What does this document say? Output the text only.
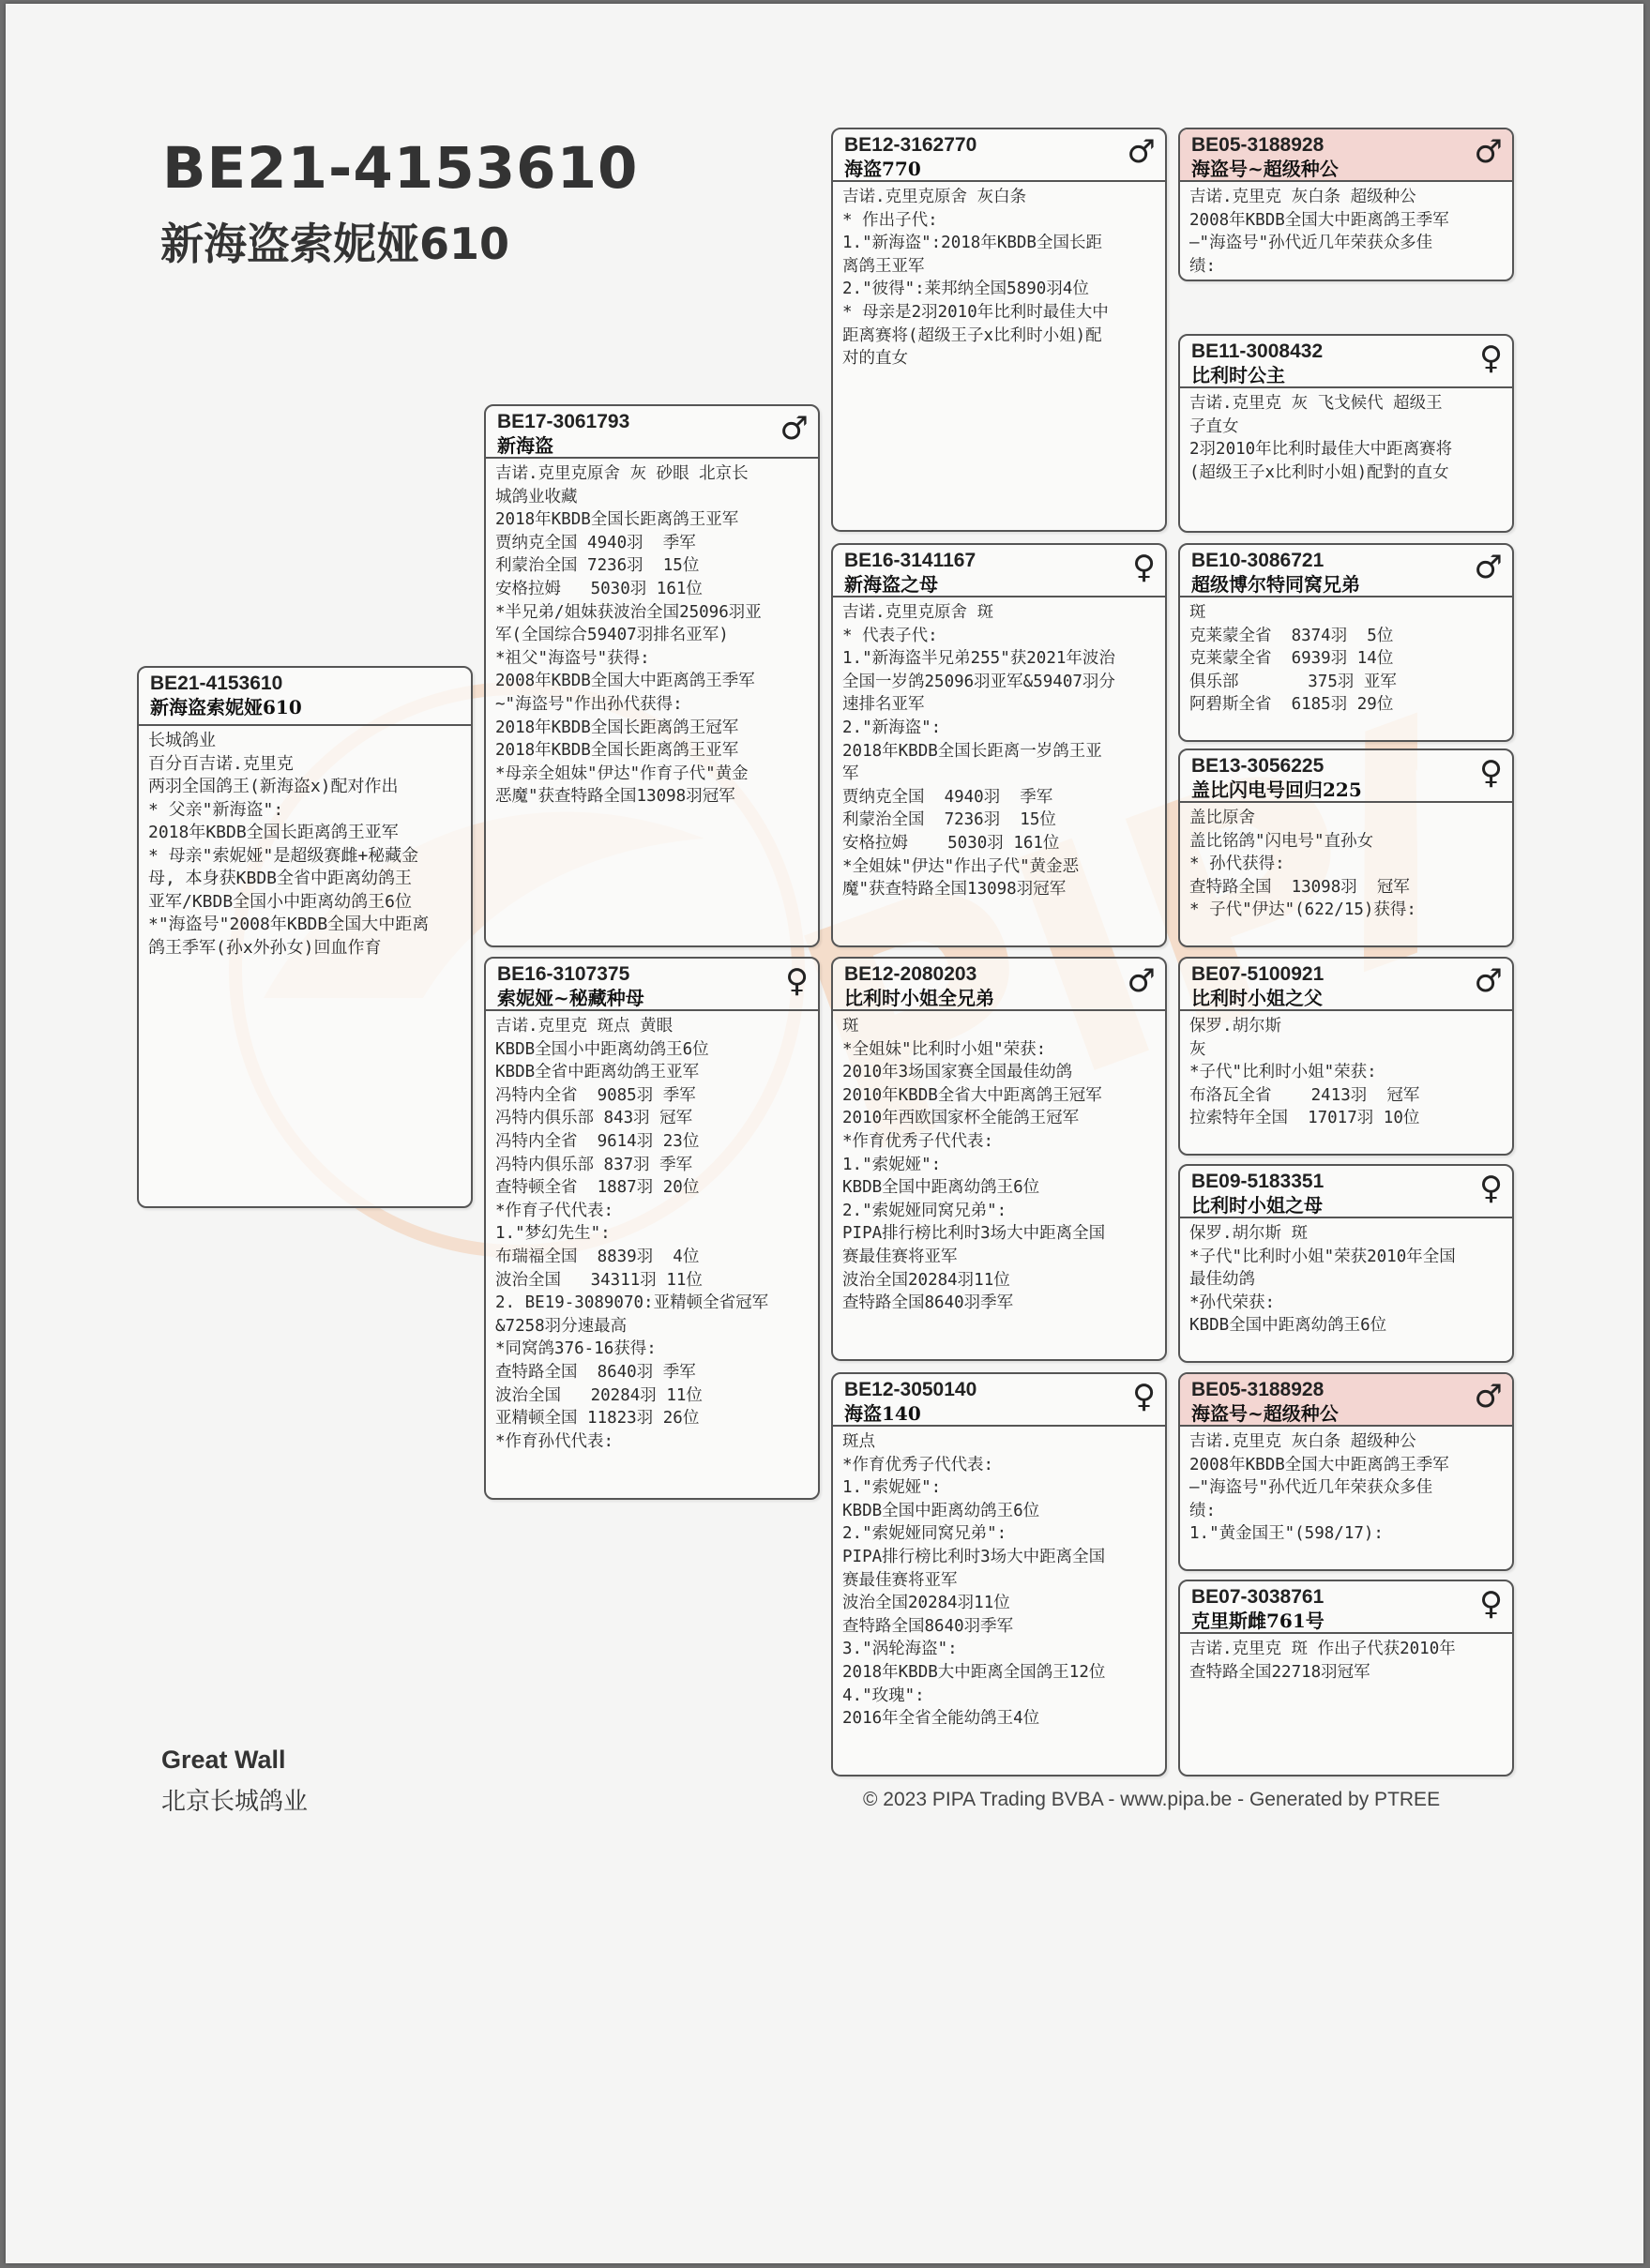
BE21-4153610
新海盗索妮娅610
BE21-4153610
新海盗索妮娅610
长城鸽业
百分百吉诺.克里克
两羽全国鸽王(新海盗x)配对作出
* 父亲"新海盗":
2018年KBDB全国长距离鸽王亚军
* 母亲"索妮娅"是超级赛雌+秘藏金
母, 本身获KBDB全省中距离幼鸽王
亚军/KBDB全国小中距离幼鸽王6位
*"海盗号"2008年KBDB全国大中距离
鸽王季军(孙x外孙女)回血作育
BE17-3061793
新海盗	♂
吉诺.克里克原舍 灰 砂眼 北京长
城鸽业收藏
2018年KBDB全国长距离鸽王亚军
贾纳克全国 4940羽  季军
利蒙治全国 7236羽  15位
安格拉姆   5030羽 161位
*半兄弟/姐妹获波治全国25096羽亚
军(全国综合59407羽排名亚军)
*祖父"海盗号"获得:
2008年KBDB全国大中距离鸽王季军
~"海盗号"作出孙代获得:
2018年KBDB全国长距离鸽王冠军
2018年KBDB全国长距离鸽王亚军
*母亲全姐妹"伊达"作育子代"黄金
恶魔"获查特路全国13098羽冠军
BE16-3107375
索妮娅~秘藏种母	♀
吉诺.克里克 斑点 黄眼
KBDB全国小中距离幼鸽王6位
KBDB全省中距离幼鸽王亚军
冯特内全省  9085羽 季军
冯特内俱乐部 843羽 冠军
冯特内全省  9614羽 23位
冯特内俱乐部 837羽 季军
查特顿全省  1887羽 20位
*作育子代代表:
1."梦幻先生":
布瑞福全国  8839羽  4位
波治全国   34311羽 11位
2. BE19-3089070:亚精顿全省冠军
&7258羽分速最高
*同窝鸽376-16获得:
查特路全国  8640羽 季军
波治全国   20284羽 11位
亚精顿全国 11823羽 26位
*作育孙代代表:
BE12-3162770
海盗770	♂
吉诺.克里克原舍 灰白条
* 作出子代:
1."新海盗":2018年KBDB全国长距
离鸽王亚军
2."彼得":莱邦纳全国5890羽4位
* 母亲是2羽2010年比利时最佳大中
距离赛将(超级王子x比利时小姐)配
对的直女
BE16-3141167
新海盗之母	♀
吉诺.克里克原舍 斑
* 代表子代:
1."新海盗半兄弟255"获2021年波治
全国一岁鸽25096羽亚军&59407羽分
速排名亚军
2."新海盗":
2018年KBDB全国长距离一岁鸽王亚
军
贾纳克全国  4940羽  季军
利蒙治全国  7236羽  15位
安格拉姆    5030羽 161位
*全姐妹"伊达"作出子代"黄金恶
魔"获查特路全国13098羽冠军
BE12-2080203
比利时小姐全兄弟	♂
斑
*全姐妹"比利时小姐"荣获:
2010年3场国家赛全国最佳幼鸽
2010年KBDB全省大中距离鸽王冠军
2010年西欧国家杯全能鸽王冠军
*作育优秀子代代表:
1."索妮娅":
KBDB全国中距离幼鸽王6位
2."索妮娅同窝兄弟":
PIPA排行榜比利时3场大中距离全国
赛最佳赛将亚军
波治全国20284羽11位
查特路全国8640羽季军
BE12-3050140
海盗140	♀
斑点
*作育优秀子代代表:
1."索妮娅":
KBDB全国中距离幼鸽王6位
2."索妮娅同窝兄弟":
PIPA排行榜比利时3场大中距离全国
赛最佳赛将亚军
波治全国20284羽11位
查特路全国8640羽季军
3."涡轮海盗":
2018年KBDB大中距离全国鸽王12位
4."玫瑰":
2016年全省全能幼鸽王4位
BE05-3188928
海盗号~超级种公	♂
吉诺.克里克 灰白条 超级种公
2008年KBDB全国大中距离鸽王季军
—"海盗号"孙代近几年荣获众多佳
绩:
BE11-3008432
比利时公主	♀
吉诺.克里克 灰 飞戈候代 超级王
子直女
2羽2010年比利时最佳大中距离赛将
(超级王子x比利时小姐)配對的直女
BE10-3086721
超级博尔特同窝兄弟	♂
斑
克莱蒙全省  8374羽  5位
克莱蒙全省  6939羽 14位
俱乐部       375羽 亚军
阿碧斯全省  6185羽 29位
BE13-3056225
盖比闪电号回归225	♀
盖比原舍
盖比铭鸽"闪电号"直孙女
* 孙代获得:
查特路全国  13098羽  冠军
* 子代"伊达"(622/15)获得:
BE07-5100921
比利时小姐之父	♂
保罗.胡尔斯
灰
*子代"比利时小姐"荣获:
布洛瓦全省    2413羽  冠军
拉索特年全国  17017羽 10位
BE09-5183351
比利时小姐之母	♀
保罗.胡尔斯 斑
*子代"比利时小姐"荣获2010年全国
最佳幼鸽
*孙代荣获:
KBDB全国中距离幼鸽王6位
BE05-3188928
海盗号~超级种公	♂
吉诺.克里克 灰白条 超级种公
2008年KBDB全国大中距离鸽王季军
—"海盗号"孙代近几年荣获众多佳
绩:
1."黄金国王"(598/17):
BE07-3038761
克里斯雌761号	♀
吉诺.克里克 斑 作出子代获2010年
查特路全国22718羽冠军
Great Wall
北京长城鸽业	© 2023 PIPA Trading BVBA - www.pipa.be - Generated by PTREE
